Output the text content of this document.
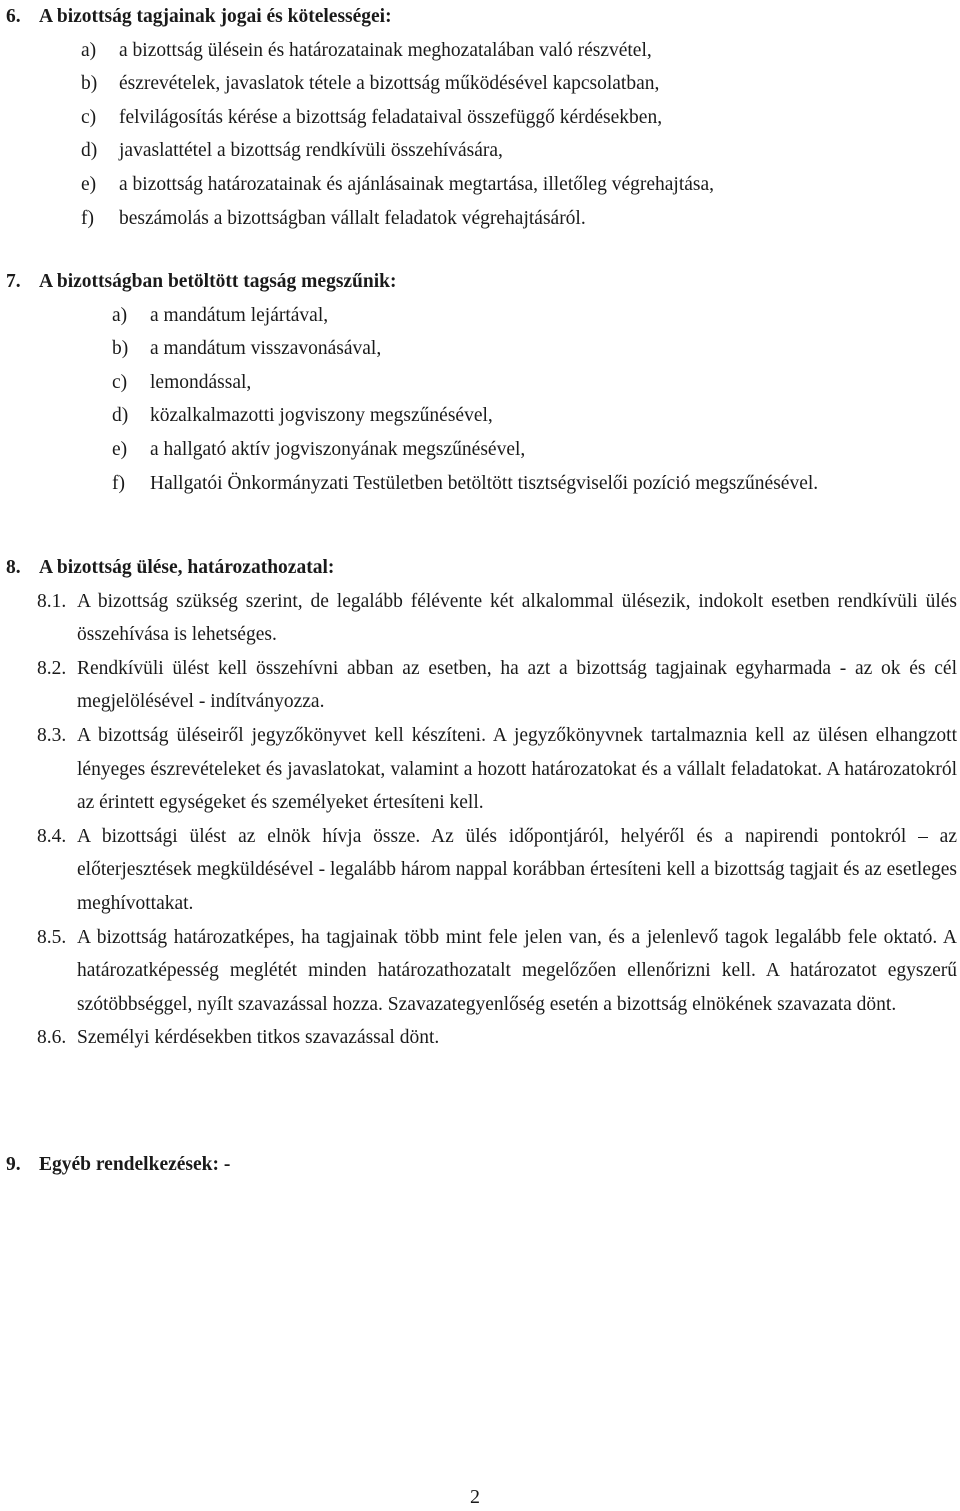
6. A bizottság tagjainak jogai és kötelességei:
a) a bizottság ülésein és határozatainak meghozatalában való részvétel,
b) észrevételek, javaslatok tétele a bizottság működésével kapcsolatban,
c) felvilágosítás kérése a bizottság feladataival összefüggő kérdésekben,
d) javaslattétel a bizottság rendkívüli összehívására,
e) a bizottság határozatainak és ajánlásainak megtartása, illetőleg végrehajtása,
f) beszámolás a bizottságban vállalt feladatok végrehajtásáról.
7. A bizottságban betöltött tagság megszűnik:
a) a mandátum lejártával,
b) a mandátum visszavonásával,
c) lemondással,
d) közalkalmazotti jogviszony megszűnésével,
e) a hallgató aktív jogviszonyának megszűnésével,
f) Hallgatói Önkormányzati Testületben betöltött tisztségviselői pozíció megszűnésével.
8. A bizottság ülése, határozathozatal:
8.1. A bizottság szükség szerint, de legalább félévente két alkalommal ülésezik, indokolt esetben rendkívüli ülés összehívása is lehetséges.
8.2. Rendkívüli ülést kell összehívni abban az esetben, ha azt a bizottság tagjainak egyharmada - az ok és cél megjelölésével - indítványozza.
8.3. A bizottság üléseiről jegyzőkönyvet kell készíteni. A jegyzőkönyvnek tartalmaznia kell az ülésen elhangzott lényeges észrevételeket és javaslatokat, valamint a hozott határozatokat és a vállalt feladatokat. A határozatokról az érintett egységeket és személyeket értesíteni kell.
8.4. A bizottsági ülést az elnök hívja össze. Az ülés időpontjáról, helyéről és a napirendi pontokról – az előterjesztések megküldésével - legalább három nappal korábban értesíteni kell a bizottság tagjait és az esetleges meghívottakat.
8.5. A bizottság határozatképes, ha tagjainak több mint fele jelen van, és a jelenlevő tagok legalább fele oktató. A határozatképesség meglétét minden határozathozatalt megelőzően ellenőrizni kell. A határozatot egyszerű szótöbbséggel, nyílt szavazással hozza. Szavazategyenlőség esetén a bizottság elnökének szavazata dönt.
8.6. Személyi kérdésekben titkos szavazással dönt.
9. Egyéb rendelkezések: -
2
